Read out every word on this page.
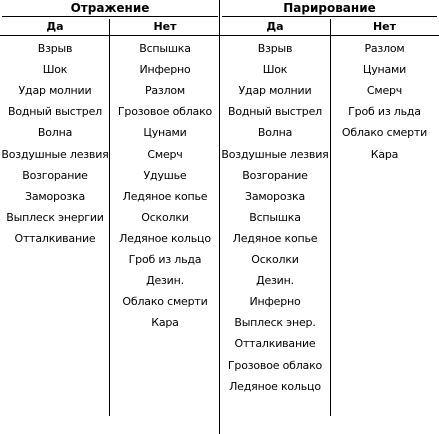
Отражение
Да	Нет
Взрыв
Шок
Удар молнии
Водный выстрел
Волна
Воздушные лезвия
Возгорание
Заморозка
Выплеск энергии
Отталкивание
Вспышка
Инферно
Разлом
Грозовое облако
Цунами
Смерч
Удушье
Ледяное копье
Осколки
Ледяное кольцо
Гроб из льда
Дезин.
Облако смерти
Кара
Парирование
Да	Нет
Взрыв
Шок
Удар молнии
Водный выстрел
Волна
Воздушные лезвия
Возгорание
Заморозка
Вспышка
Ледяное копье
Осколки
Дезин.
Инферно
Выплеск энер.
Отталкивание
Грозовое облако
Ледяное кольцо
Разлом
Цунами
Смерч
Гроб из льда
Облако смерти
Кара
